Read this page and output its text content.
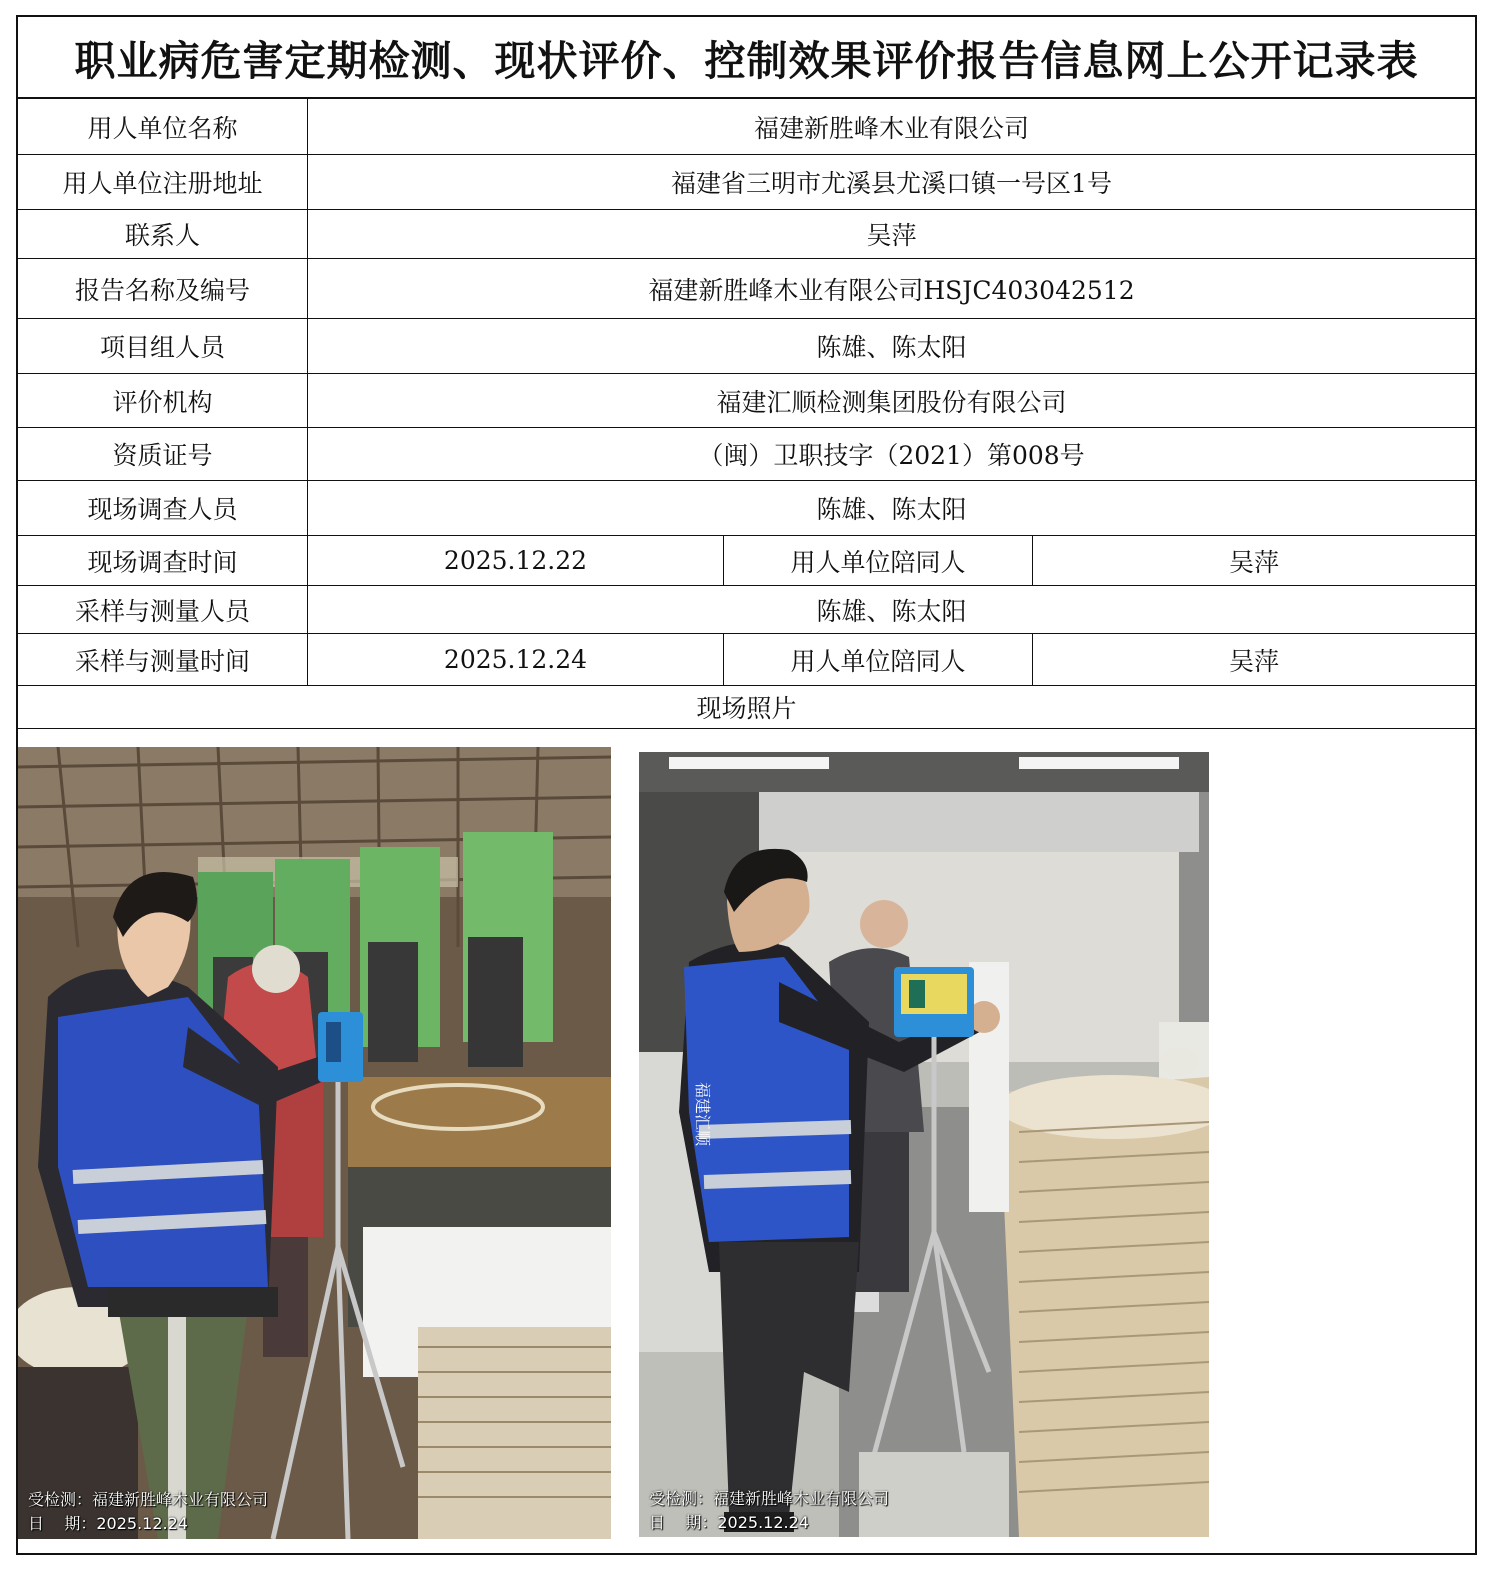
职业病危害定期检测、现状评价、控制效果评价报告信息网上公开记录表
用人单位名称	福建新胜峰木业有限公司
用人单位注册地址	福建省三明市尤溪县尤溪口镇一号区1号
联系人	吴萍
报告名称及编号	福建新胜峰木业有限公司HSJC403042512
项目组人员	陈雄、陈太阳
评价机构	福建汇顺检测集团股份有限公司
资质证号	（闽）卫职技字（2021）第008号
现场调查人员	陈雄、陈太阳
现场调查时间	2025.12.22	用人单位陪同人	吴萍
采样与测量人员	陈雄、陈太阳
采样与测量时间	2025.12.24	用人单位陪同人	吴萍
现场照片
受检测：福建新胜峰木业有限公司
日    期：2025.12.24
福建汇顺
受检测：福建新胜峰木业有限公司
日    期：2025.12.24
